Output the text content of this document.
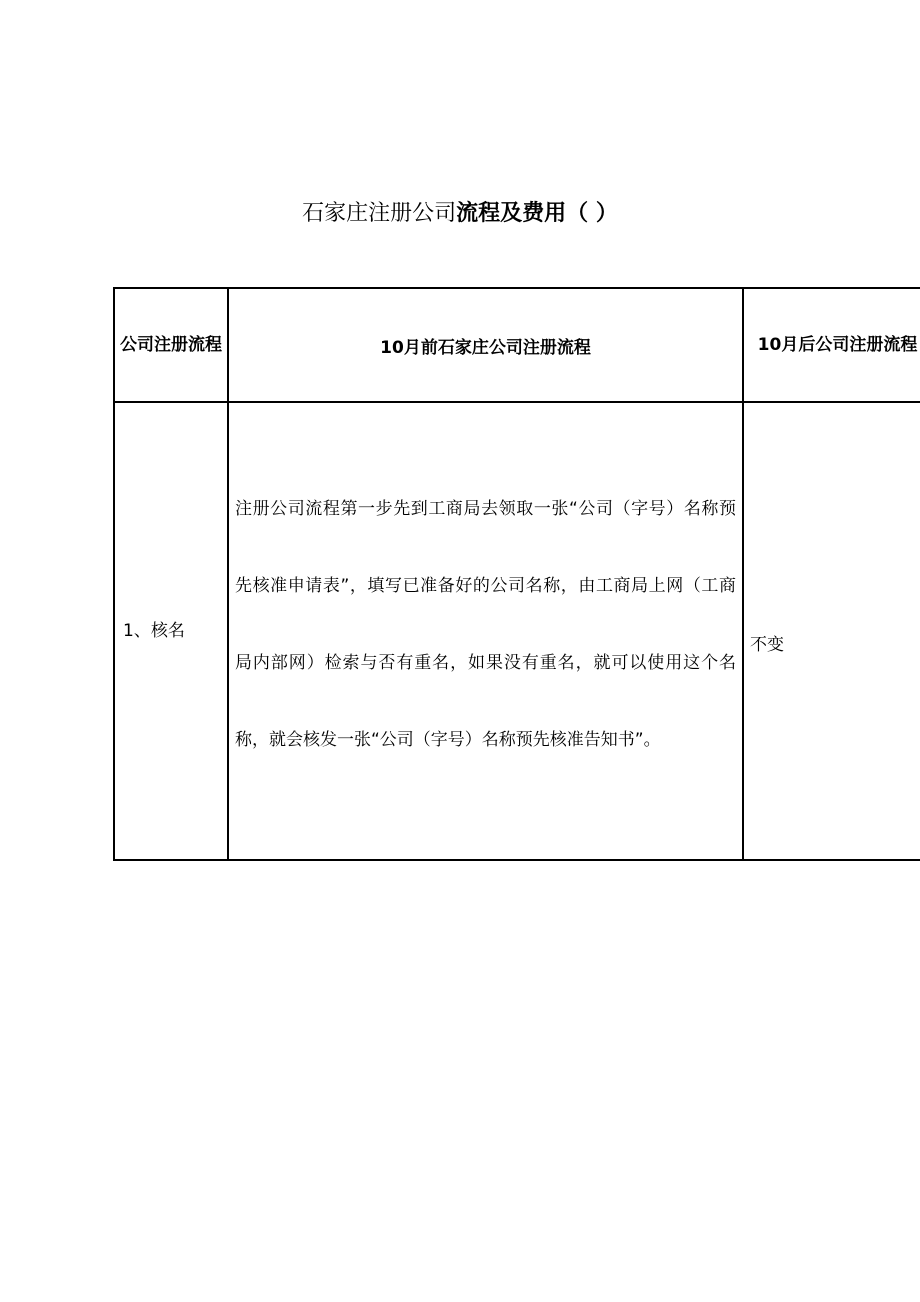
石家庄注册公司流程及费用（ ）
公司注册流程	10月前石家庄公司注册流程	10月后公司注册流程

1、核名	注册公司流程第一步先到工商局去领取一张“公司（字号）名称预先核准申请表”，填写已准备好的公司名称，由工商局上网（工商局内部网）检索与否有重名，如果没有重名，就可以使用这个名称，就会核发一张“公司（字号）名称预先核准告知书”。	不变
